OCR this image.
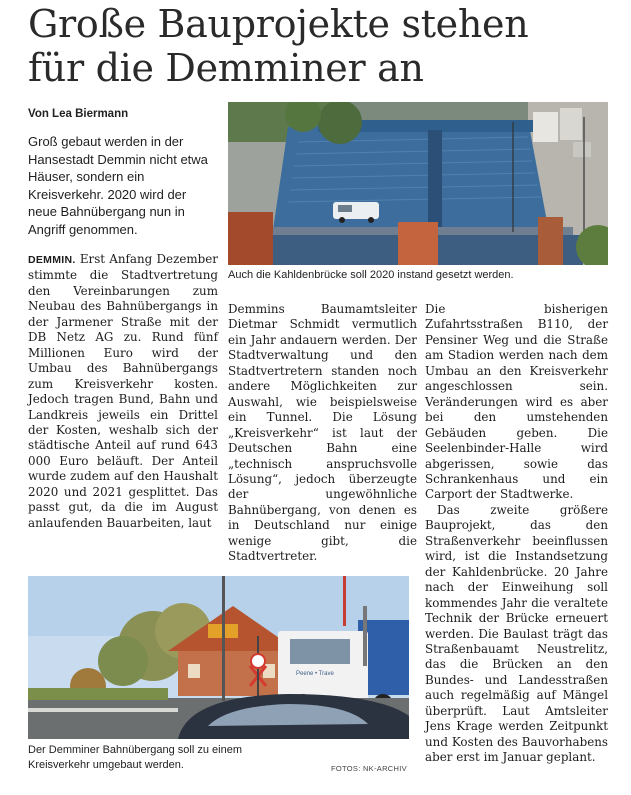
Große Bauprojekte stehen
für die Demminer an
Von Lea Biermann
Groß gebaut werden in der Hansestadt Demmin nicht etwa Häuser, sondern ein Kreisverkehr. 2020 wird der neue Bahnübergang nun in Angriff genommen.
Auch die Kahldenbrücke soll 2020 instand gesetzt werden.

DEMMIN. Erst Anfang Dezember stimmte die Stadtvertretung den Vereinbarungen zum Neubau des Bahnübergangs in der Jarmener Straße mit der DB Netz AG zu. Rund fünf Millionen Euro wird der Umbau des Bahnübergangs zum Kreisverkehr kosten. Jedoch tragen Bund, Bahn und Landkreis jeweils ein Drittel der Kosten, weshalb sich der städtische Anteil auf rund 643 000 Euro beläuft. Der Anteil wurde zudem auf den Haushalt 2020 und 2021 gesplittet. Das passt gut, da die im August anlaufenden Bauarbeiten, laut

Demmins Baumamtsleiter Dietmar Schmidt vermutlich ein Jahr andauern werden. Der Stadtverwaltung und den Stadtvertretern standen noch andere Möglichkeiten zur Auswahl, wie beispielsweise ein Tunnel. Die Lösung „Kreisverkehr“ ist laut der Deutschen Bahn eine „technisch anspruchsvolle Lösung“, jedoch überzeugte der ungewöhnliche Bahnübergang, von denen es in Deutschland nur einige wenige gibt, die Stadtvertreter.

Die bisherigen Zufahrtsstraßen B110, der Pensiner Weg und die Straße am Stadion werden nach dem Umbau an den Kreisverkehr angeschlossen sein. Veränderungen wird es aber bei den umstehenden Gebäuden geben. Die Seelenbinder-Halle wird abgerissen, sowie das Schrankenhaus und ein Carport der Stadtwerke.

Das zweite größere Bauprojekt, das den Straßenverkehr beeinflussen wird, ist die Instandsetzung der Kahldenbrücke. 20 Jahre nach der Einweihung soll kommendes Jahr die veraltete Technik der Brücke erneuert werden. Die Baulast trägt das Straßenbauamt Neustrelitz, das die Brücken an den Bundes- und Landesstraßen auch regelmäßig auf Mängel überprüft. Laut Amtsleiter Jens Krage werden Zeitpunkt und Kosten des Bauvorhabens aber erst im Januar geplant.

Peene • Trave
Der Demminer Bahnübergang soll zu einem Kreisverkehr umgebaut werden.	FOTOS: NK-ARCHIV
